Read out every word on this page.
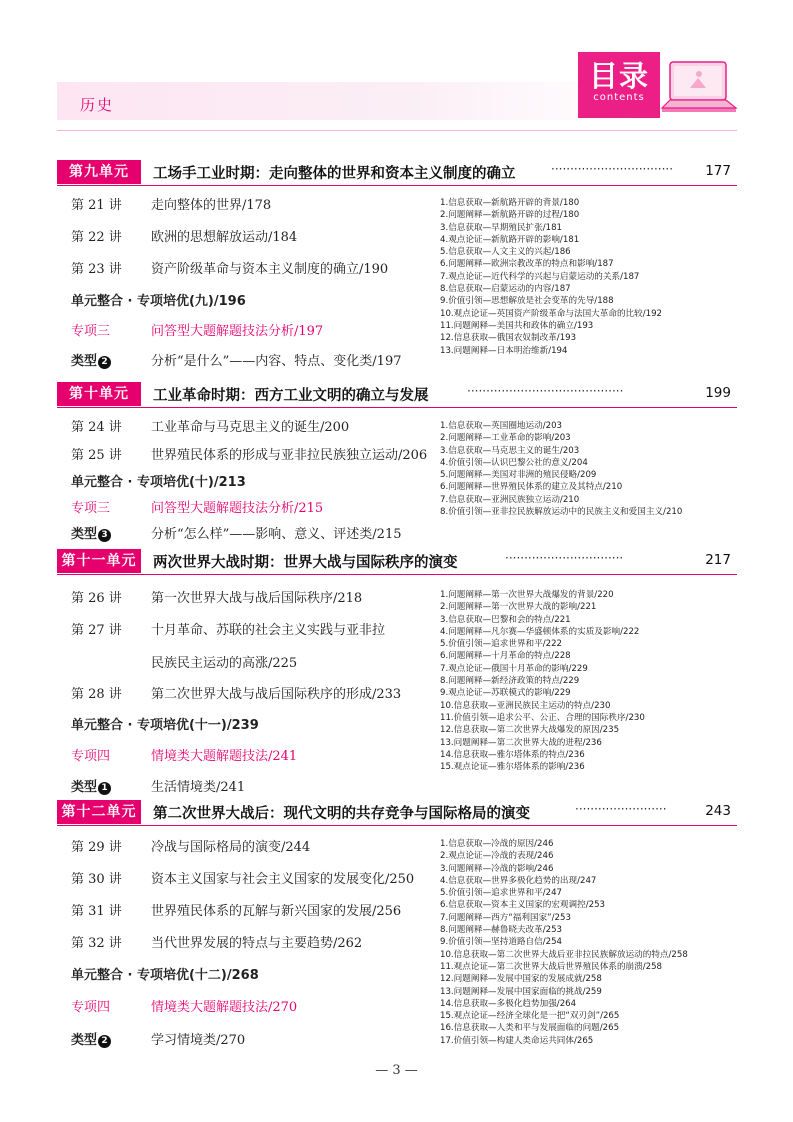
历史
目录
contents
第九单元	工场手工业时期：走向整体的世界和资本主义制度的确立	································ 177
第 21 讲 走向整体的世界/178
第 22 讲 欧洲的思想解放运动/184
第 23 讲 资产阶级革命与资本主义制度的确立/190
单元整合 · 专项培优(九)/196
专项三	问答型大题解题技法分析/197
类型 2	分析“是什么”——内容、特点、变化类/197
1.信息获取—新航路开辟的背景/180
2.问题阐释—新航路开辟的过程/180
3.信息获取—早期殖民扩张/181
4.观点论证—新航路开辟的影响/181
5.信息获取—人文主义的兴起/186
6.问题阐释—欧洲宗教改革的特点和影响/187
7.观点论证—近代科学的兴起与启蒙运动的关系/187
8.信息获取—启蒙运动的内容/187
9.价值引领—思想解放是社会变革的先导/188
10.观点论证—英国资产阶级革命与法国大革命的比较/192
11.问题阐释—美国共和政体的确立/193
12.信息获取—俄国农奴制改革/193
13.问题阐释—日本明治维新/194
第十单元	工业革命时期：西方工业文明的确立与发展	·········································	199
第 24 讲 工业革命与马克思主义的诞生/200
第 25 讲 世界殖民体系的形成与亚非拉民族独立运动/206
单元整合 · 专项培优(十)/213
专项三	问答型大题解题技法分析/215
类型 3	分析“怎么样”——影响、意义、评述类/215
1.信息获取—英国圈地运动/203
2.问题阐释—工业革命的影响/203
3.信息获取—马克思主义的诞生/203
4.价值引领—认识巴黎公社的意义/204
5.问题阐释—美国对非洲的殖民侵略/209
6.问题阐释—世界殖民体系的建立及其特点/210
7.信息获取—亚洲民族独立运动/210
8.价值引领—亚非拉民族解放运动中的民族主义和爱国主义/210
第十一单元	两次世界大战时期：世界大战与国际秩序的演变	·······························	217
第 26 讲 第一次世界大战与战后国际秩序/218
第 27 讲 十月革命、苏联的社会主义实践与亚非拉
民族民主运动的高涨/225
第 28 讲 第二次世界大战与战后国际秩序的形成/233
单元整合 · 专项培优(十一)/239
专项四	情境类大题解题技法/241
类型 1	生活情境类/241
1.问题阐释—第一次世界大战爆发的背景/220
2.问题阐释—第一次世界大战的影响/221
3.信息获取—巴黎和会的特点/221
4.问题阐释—凡尔赛—华盛顿体系的实质及影响/222
5.价值引领—追求世界和平/222
6.问题阐释—十月革命的特点/228
7.观点论证—俄国十月革命的影响/229
8.问题阐释—新经济政策的特点/229
9.观点论证—苏联模式的影响/229
10.信息获取—亚洲民族民主运动的特点/230
11.价值引领—追求公平、公正、合理的国际秩序/230
12.信息获取—第二次世界大战爆发的原因/235
13.问题阐释—第二次世界大战的进程/236
14.信息获取—雅尔塔体系的特点/236
15.观点论证—雅尔塔体系的影响/236
第十二单元	第二次世界大战后：现代文明的共存竞争与国际格局的演变	························	243
第 29 讲 冷战与国际格局的演变/244
第 30 讲 资本主义国家与社会主义国家的发展变化/250
第 31 讲 世界殖民体系的瓦解与新兴国家的发展/256
第 32 讲 当代世界发展的特点与主要趋势/262
单元整合 · 专项培优(十二)/268
专项四	情境类大题解题技法/270
类型 2	学习情境类/270
1.信息获取—冷战的原因/246
2.观点论证—冷战的表现/246
3.问题阐释—冷战的影响/246
4.信息获取—世界多极化趋势的出现/247
5.价值引领—追求世界和平/247
6.信息获取—资本主义国家的宏观调控/253
7.问题阐释—西方“福利国家”/253
8.问题阐释—赫鲁晓夫改革/253
9.价值引领—坚持道路自信/254
10.信息获取—第二次世界大战后亚非拉民族解放运动的特点/258
11.观点论证—第二次世界大战后世界殖民体系的崩溃/258
12.问题阐释—发展中国家的发展成就/258
13.问题阐释—发展中国家面临的挑战/259
14.信息获取—多极化趋势加强/264
15.观点论证—经济全球化是一把“双刃剑”/265
16.信息获取—人类和平与发展面临的问题/265
17.价值引领—构建人类命运共同体/265
— 3 —
